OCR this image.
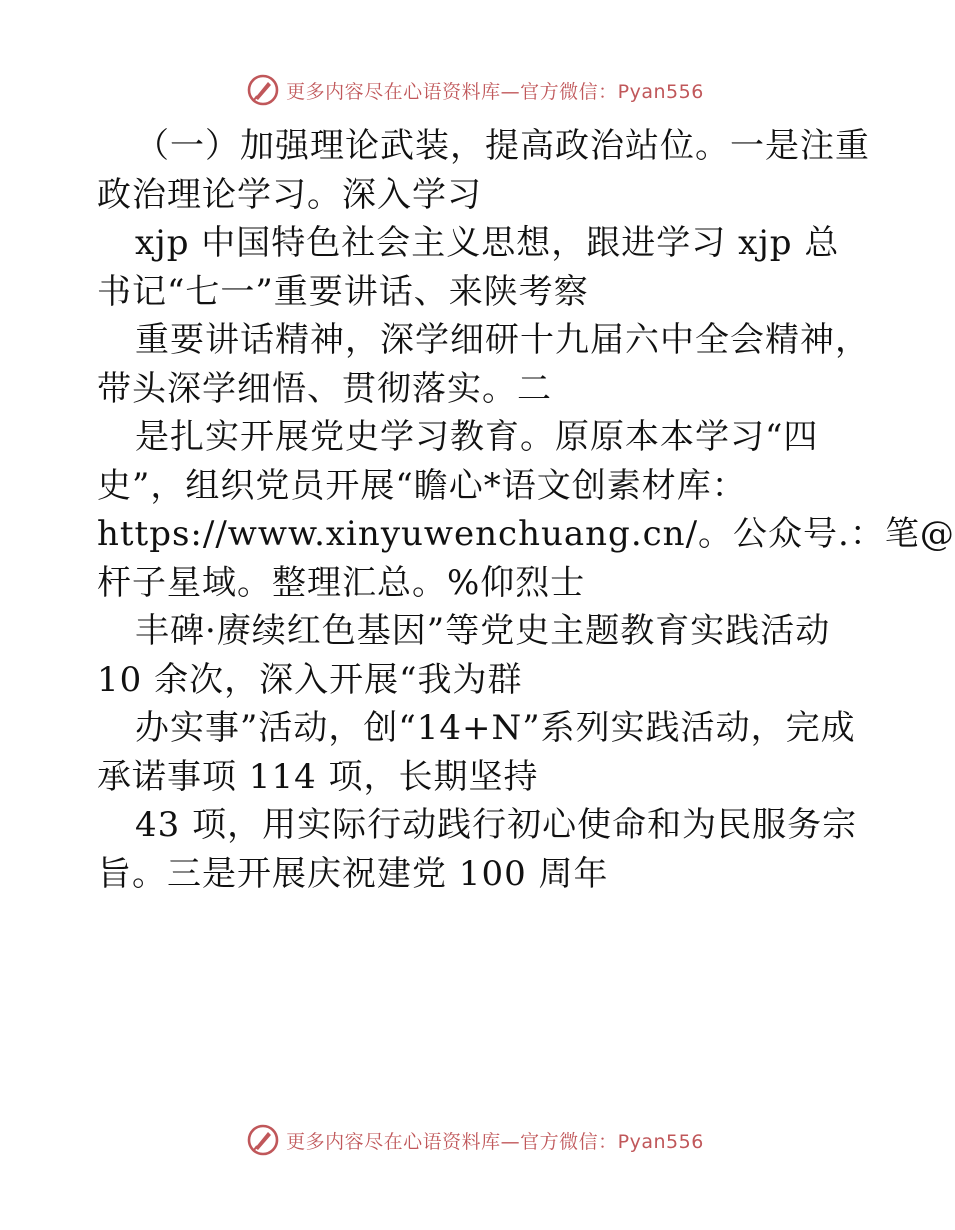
更多内容尽在心语资料库—官方微信：Pyan556
（一）加强理论武装，提高政治站位。一是注重
政治理论学习。深入学习
xjp 中国特色社会主义思想，跟进学习 xjp 总
书记“七一”重要讲话、来陕考察
重要讲话精神，深学细研十九届六中全会精神，
带头深学细悟、贯彻落实。二
是扎实开展党史学习教育。原原本本学习“四
史”，组织党员开展“瞻心*语文创素材库：
https://www.xinyuwenchuang.cn/。公众号.：笔@
杆子星域。整理汇总。%仰烈士
丰碑·赓续红色基因”等党史主题教育实践活动
10 余次，深入开展“我为群
办实事”活动，创“14+N”系列实践活动，完成
承诺事项 114 项，长期坚持
43 项，用实际行动践行初心使命和为民服务宗
旨。三是开展庆祝建党 100 周年
更多内容尽在心语资料库—官方微信：Pyan556
